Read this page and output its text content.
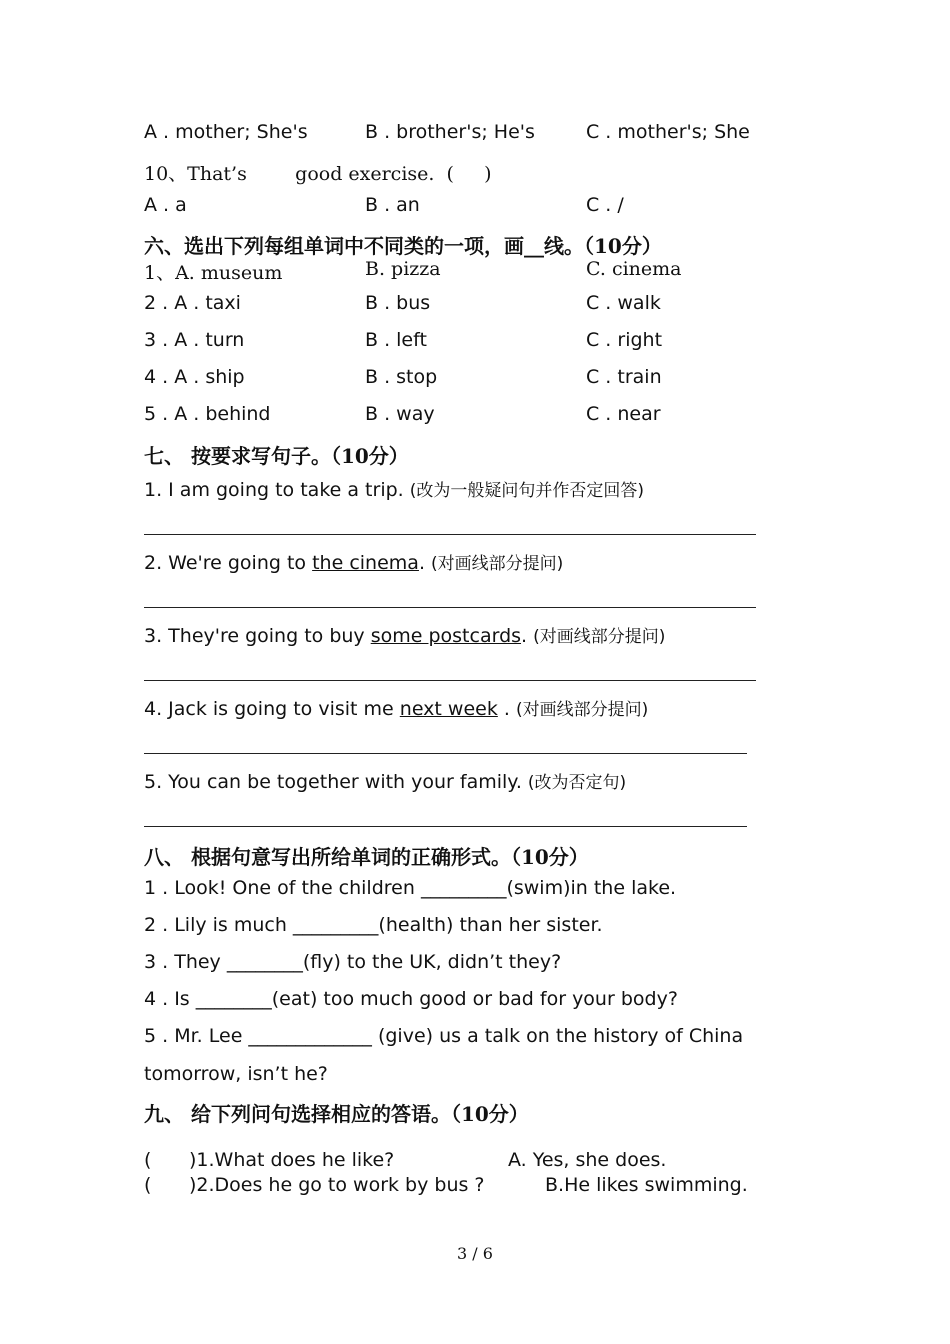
A . mother; She's	B . brother's; He's	C . mother's; She
10、That’s        good exercise.  (     )
A . a	B . an	C . /
六、选出下列每组单词中不同类的一项，画__线。（10分）
1、A. museum	B. pizza	C. cinema
2 . A . taxi	B . bus	C . walk
3 . A . turn	B . left	C . right
4 . A . ship	B . stop	C . train
5 . A . behind	B . way	C . near
七、 按要求写句子。（10分）
1. I am going to take a trip. (改为一般疑问句并作否定回答)
2. We're going to the cinema. (对画线部分提问)
3. They're going to buy some postcards. (对画线部分提问)
4. Jack is going to visit me next week . (对画线部分提问)
5. You can be together with your family. (改为否定句)
八、 根据句意写出所给单词的正确形式。（10分）
1 . Look! One of the children _________(swim)in the lake.
2 . Lily is much _________(health) than her sister.
3 . They ________(fly) to the UK, didn’t they?
4 . Is ________(eat) too much good or bad for your body?
5 . Mr. Lee _____________ (give) us a talk on the history of China
tomorrow, isn’t he?
九、 给下列问句选择相应的答语。（10分）
( )1.What does he like?	A. Yes, she does.
( )2.Does he go to work by bus ?	B.He likes swimming.
3 / 6
